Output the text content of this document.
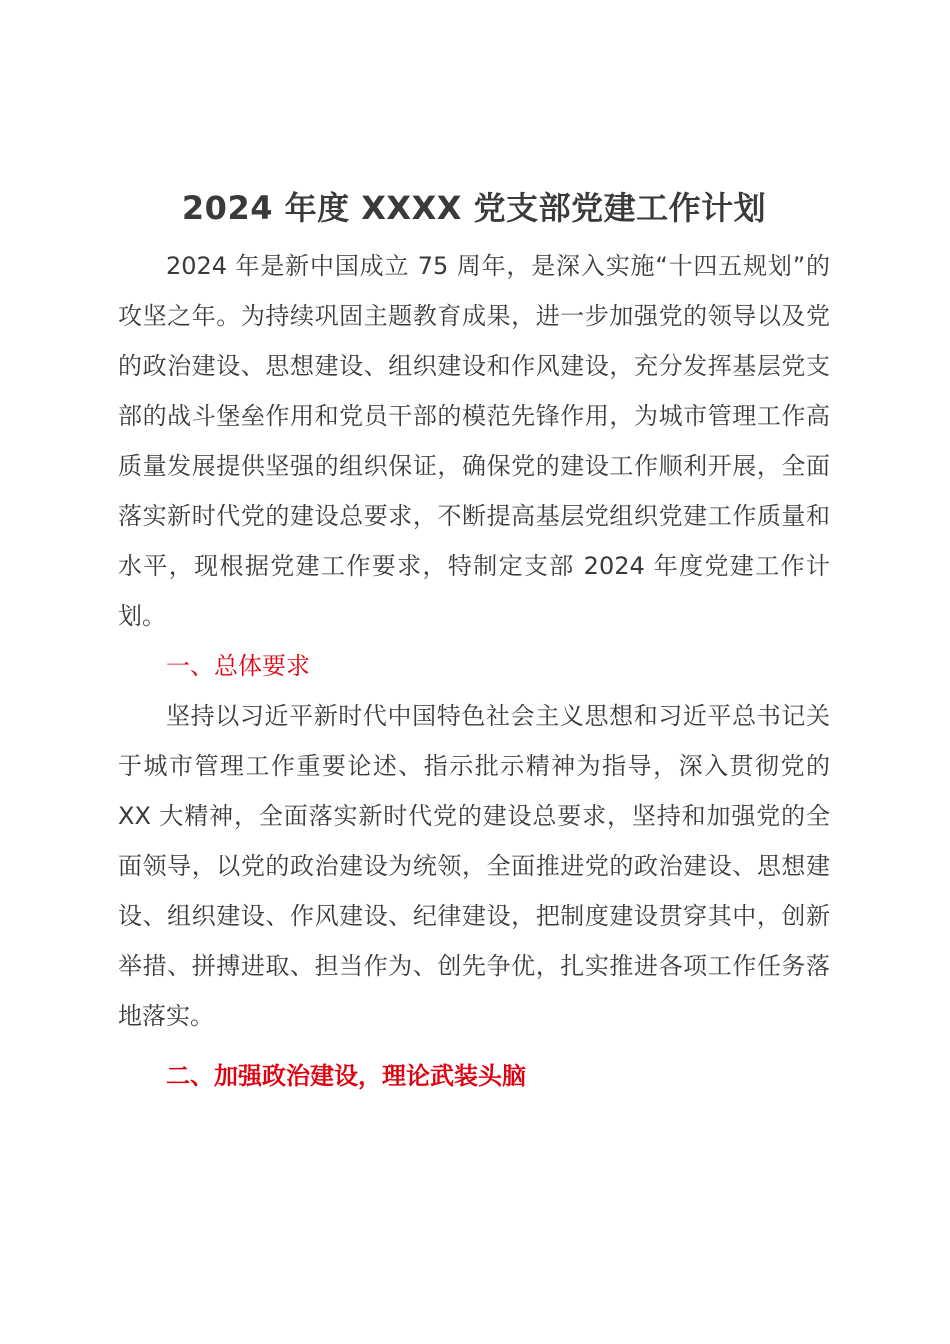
2024 年度 XXXX 党支部党建工作计划

2024 年是新中国成立 75 周年，是深入实施“十四五规划”的攻坚之年。为持续巩固主题教育成果，进一步加强党的领导以及党的政治建设、思想建设、组织建设和作风建设，充分发挥基层党支部的战斗堡垒作用和党员干部的模范先锋作用，为城市管理工作高质量发展提供坚强的组织保证，确保党的建设工作顺利开展，全面落实新时代党的建设总要求，不断提高基层党组织党建工作质量和水平，现根据党建工作要求，特制定支部 2024 年度党建工作计划。

一、总体要求

坚持以习近平新时代中国特色社会主义思想和习近平总书记关于城市管理工作重要论述、指示批示精神为指导，深入贯彻党的 XX 大精神，全面落实新时代党的建设总要求，坚持和加强党的全面领导，以党的政治建设为统领，全面推进党的政治建设、思想建设、组织建设、作风建设、纪律建设，把制度建设贯穿其中，创新举措、拼搏进取、担当作为、创先争优，扎实推进各项工作任务落地落实。

二、加强政治建设，理论武装头脑
